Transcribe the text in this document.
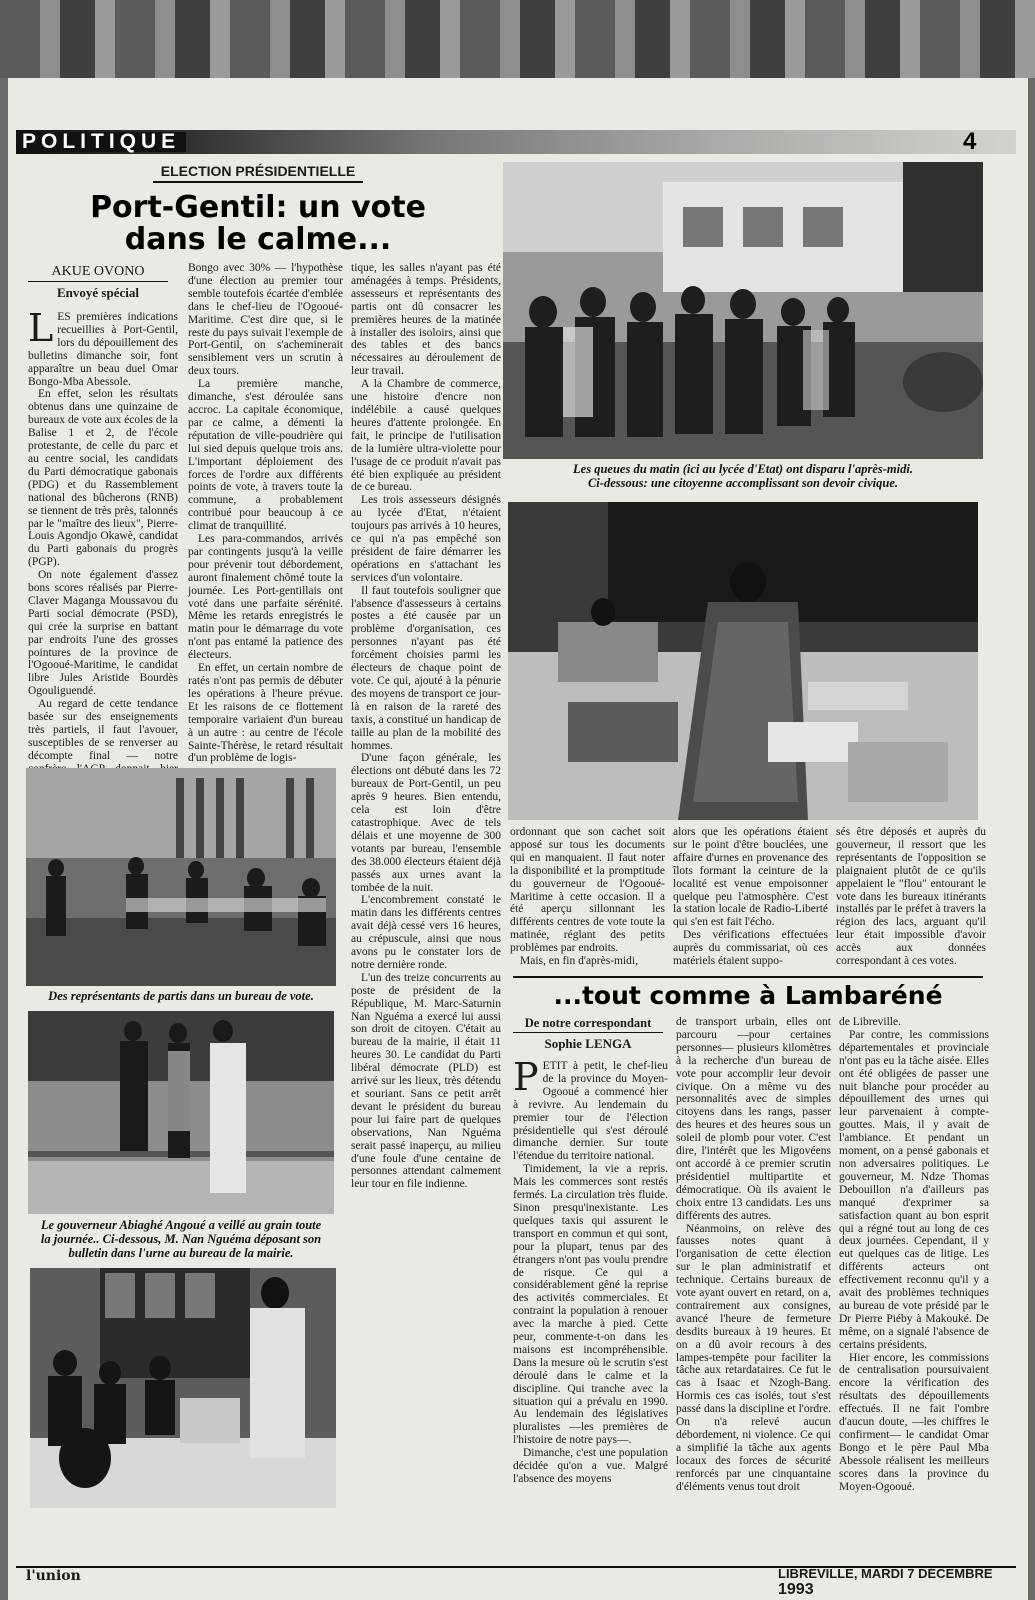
POLITIQUE	4
ELECTION PRÉSIDENTIELLE
Port-Gentil: un vote
dans le calme...
AKUE OVONO
Envoyé spécial

LES premières indications recueillies à Port-Gentil, lors du dépouillement des bulletins dimanche soir, font apparaître un beau duel Omar Bongo-Mba Abessole.

En effet, selon les résultats obtenus dans une quinzaine de bureaux de vote aux écoles de la Balise 1 et 2, de l'école protestante, de celle du parc et au centre social, les candidats du Parti démocratique gabonais (PDG) et du Rassemblement national des bûcherons (RNB) se tiennent de très près, talonnés par le "maître des lieux", Pierre-Louis Agondjo Okawè, candidat du Parti gabonais du progrès (PGP).

On note également d'assez bons scores réalisés par Pierre-Claver Maganga Moussavou du Parti social démocrate (PSD), qui crée la surprise en battant par endroits l'une des grosses pointures de la province de l'Ogooué-Maritime, le candidat libre Jules Aristide Bourdès Ogouliguendé.

Au regard de cette tendance basée sur des enseignements très partiels, il faut l'avouer, susceptibles de se renverser au décompte final — notre

Bongo avec 30% — l'hypothèse d'une élection au premier tour semble toutefois écartée d'emblée dans le chef-lieu de l'Ogooué-Maritime. C'est dire que, si le reste du pays suivait l'exemple de Port-Gentil, on s'acheminerait sensiblement vers un scrutin à deux tours.

La première manche, dimanche, s'est déroulée sans accroc. La capitale économique, par ce calme, a démenti la réputation de ville-poudrière qui lui sied depuis quelque trois ans. L'important déploiement des forces de l'ordre aux différents points de vote, à travers toute la commune, a probablement contribué pour beaucoup à ce climat de tranquillité.

Les para-commandos, arrivés par contingents jusqu'à la veille pour prévenir tout débordement, auront finalement chômé toute la journée. Les Port-gentillais ont voté dans une parfaite sérénité. Même les retards enregistrés le matin pour le démarrage du vote n'ont pas entamé la patience des électeurs.

En effet, un certain nombre de ratés n'ont pas permis de débuter les opérations à l'heure prévue. Et les raisons de ce flottement temporaire variaient d'un bureau à un autre : au centre de l'école Sainte-Thérèse, le retard résultait d'un problème de logis-

tique, les salles n'ayant pas été aménagées à temps. Présidents, assesseurs et représentants des partis ont dû consacrer les premières heures de la matinée à installer des isoloirs, ainsi que des tables et des bancs nécessaires au déroulement de leur travail.

A la Chambre de commerce, une histoire d'encre non indélébile a causé quelques heures d'attente prolongée. En fait, le principe de l'utilisation de la lumière ultra-violette pour l'usage de ce produit n'avait pas été bien expliquée au président de ce bureau.

Les trois assesseurs désignés au lycée d'Etat, n'étaient toujours pas arrivés à 10 heures, ce qui n'a pas empêché son président de faire démarrer les opérations en s'attachant les services d'un volontaire.

Il faut toutefois souligner que l'absence d'assesseurs à certains postes a été causée par un problème d'organisation, ces personnes n'ayant pas été forcément choisies parmi les électeurs de chaque point de vote. Ce qui, ajouté à la pénurie des moyens de transport ce jour-là en raison de la rareté des taxis, a constitué un handicap de taille au plan de la mobilité des hommes.

D'une façon générale, les élections ont débuté dans les 72 bureaux de Port-Gentil, un peu après 9 heures. Bien entendu, cela est loin d'être catastrophique. Avec de tels délais et une moyenne de 300 votants par bureau, l'ensemble des 38.000 électeurs étaient déjà passés aux urnes avant la tombée de la nuit.

L'encombrement constaté le matin dans les différents centres avait déjà cessé vers 16 heures, au crépuscule, ainsi que nous avons pu le constater lors de notre dernière ronde.

L'un des treize concurrents au poste de président de la République, M. Marc-Saturnin Nan Nguéma a exercé lui aussi son droit de citoyen. C'était au bureau de la mairie, il était 11 heures 30. Le candidat du Parti libéral démocrate (PLD) est arrivé sur les lieux, très détendu et souriant. Sans ce petit arrêt devant le président du bureau pour lui faire part de quelques observations, Nan Nguéma serait passé inaperçu, au milieu d'une foule d'une centaine de personnes attendant calmement leur tour en file indienne.

ordonnant que son cachet soit apposé sur tous les documents qui en manquaient. Il faut noter la disponibilité et la promptitude du gouverneur de l'Ogooué-Maritime à cette occasion. Il a été aperçu sillonnant les différents centres de vote toute la matinée, réglant des petits problèmes par endroits.

Mais, en fin d'après-midi,

alors que les opérations étaient sur le point d'être bouclées, une affaire d'urnes en provenance des îlots formant la ceinture de la localité est venue empoisonner quelque peu l'atmosphère. C'est la station locale de Radio-Liberté qui s'en est fait l'écho.

Des vérifications effectuées auprès du commissariat, où ces matériels étaient suppo-

sés être déposés et auprès du gouverneur, il ressort que les représentants de l'opposition se plaignaient plutôt de ce qu'ils appelaient le "flou" entourant le vote dans les bureaux itinérants installés par le préfet à travers la région des lacs, arguant qu'il leur était impossible d'avoir accès aux données correspondant à ces votes.

Les queues du matin (ici au lycée d'Etat) ont disparu l'après-midi.
Ci-dessous: une citoyenne accomplissant son devoir civique.
Des représentants de partis dans un bureau de vote.
Le gouverneur Abiaghé Angoué a veillé au grain toute
la journée.. Ci-dessous, M. Nan Nguéma déposant son
bulletin dans l'urne au bureau de la mairie.
...tout comme à Lambaréné
De notre correspondant
Sophie LENGA

PETIT à petit, le chef-lieu de la province du Moyen-Ogooué a commencé hier à revivre. Au lendemain du premier tour de l'élection présidentielle qui s'est déroulé dimanche dernier. Sur toute l'étendue du territoire national.

Timidement, la vie a repris. Mais les commerces sont restés fermés. La circulation très fluide. Sinon presqu'inexistante. Les quelques taxis qui assurent le transport en commun et qui sont, pour la plupart, tenus par des étrangers n'ont pas voulu prendre de risque. Ce qui a considérablement gêné la reprise des activités commerciales. Et contraint la population à renouer avec la marche à pied. Cette peur, commente-t-on dans les maisons est incompréhensible. Dans la mesure où le scrutin s'est déroulé dans le calme et la discipline. Qui tranche avec la situation qui a prévalu en 1990. Au lendemain des législatives pluralistes —les premières de l'histoire de notre pays—.

Dimanche, c'est une population décidée qu'on a vue. Malgré l'absence des moyens

de transport urbain, elles ont parcouru —pour certaines personnes— plusieurs kilomètres à la recherche d'un bureau de vote pour accomplir leur devoir civique. On a même vu des personnalités avec de simples citoyens dans les rangs, passer des heures et des heures sous un soleil de plomb pour voter. C'est dire, l'intérêt que les Migovéens ont accordé à ce premier scrutin présidentiel multipartite et démocratique. Où ils avaient le choix entre 13 candidats. Les uns différents des autres.

Néanmoins, on relève des fausses notes quant à l'organisation de cette élection sur le plan administratif et technique. Certains bureaux de vote ayant ouvert en retard, on a, contrairement aux consignes, avancé l'heure de fermeture desdits bureaux à 19 heures. Et on a dû avoir recours à des lampes-tempête pour faciliter la tâche aux retardataires. Ce fut le cas à Isaac et Nzogh-Bang. Hormis ces cas isolés, tout s'est passé dans la discipline et l'ordre. On n'a relevé aucun débordement, ni violence. Ce qui a simplifié la tâche aux agents locaux des forces de sécurité renforcés par une cinquantaine d'éléments venus tout droit

de Libreville.

Par contre, les commissions départementales et provinciale n'ont pas eu la tâche aisée. Elles ont été obligées de passer une nuit blanche pour procéder au dépouillement des urnes qui leur parvenaient à compte-gouttes. Mais, il y avait de l'ambiance. Et pendant un moment, on a pensé gabonais et non adversaires politiques. Le gouverneur, M. Ndze Thomas Debouillon n'a d'ailleurs pas manqué d'exprimer sa satisfaction quant au bon esprit qui a régné tout au long de ces deux journées. Cependant, il y eut quelques cas de litige. Les différents acteurs ont effectivement reconnu qu'il y a avait des problèmes techniques au bureau de vote présidé par le Dr Pierre Piéby à Makouké. De même, on a signalé l'absence de certains présidents.

Hier encore, les commissions de centralisation poursuivaient encore la vérification des résultats des dépouillements effectués. Il ne fait l'ombre d'aucun doute, —les chiffres le confirment— le candidat Omar Bongo et le père Paul Mba Abessole réalisent les meilleurs scores dans la province du Moyen-Ogooué.

l'union	LIBREVILLE, MARDI 7 DÉCEMBRE 1993
